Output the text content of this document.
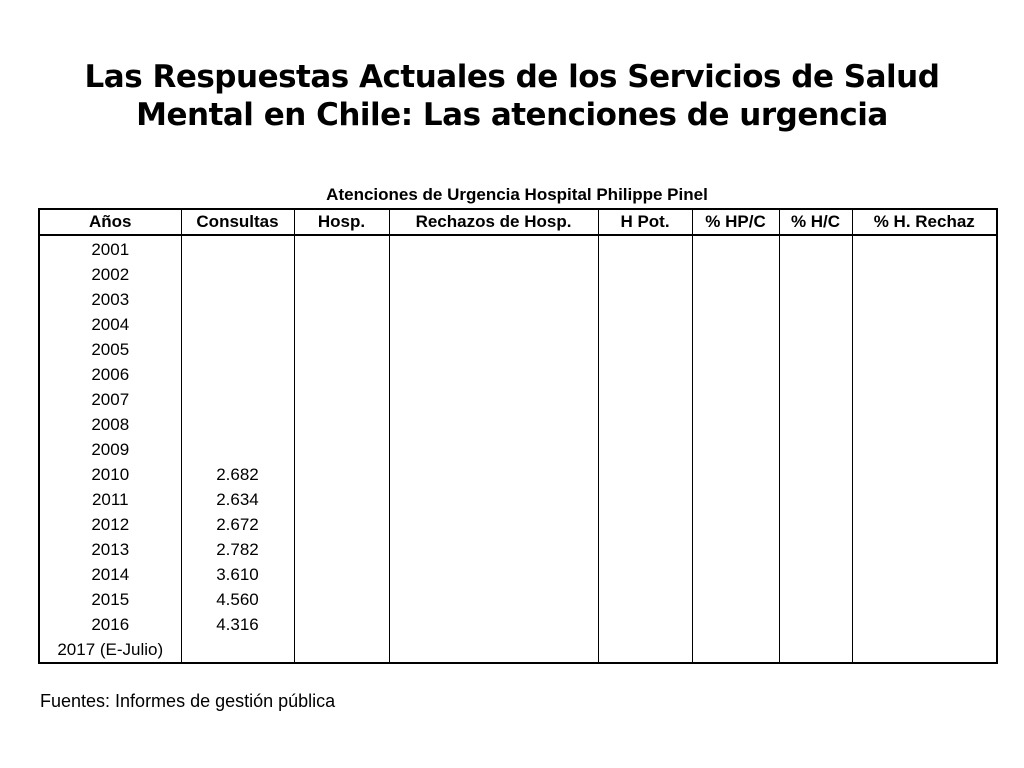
Las Respuestas Actuales de los Servicios de Salud
Mental en Chile: Las atenciones de urgencia
Atenciones de Urgencia Hospital Philippe Pinel
Años	Consultas	Hosp.	Rechazos de Hosp.	H Pot.	% HP/C	% H/C	% H. Rechaz
2001							
2002							
2003							
2004							
2005							
2006							
2007							
2008							
2009							
2010	2.682						
2011	2.634						
2012	2.672						
2013	2.782						
2014	3.610						
2015	4.560						
2016	4.316						
2017 (E-Julio)							
Fuentes: Informes de gestión pública
